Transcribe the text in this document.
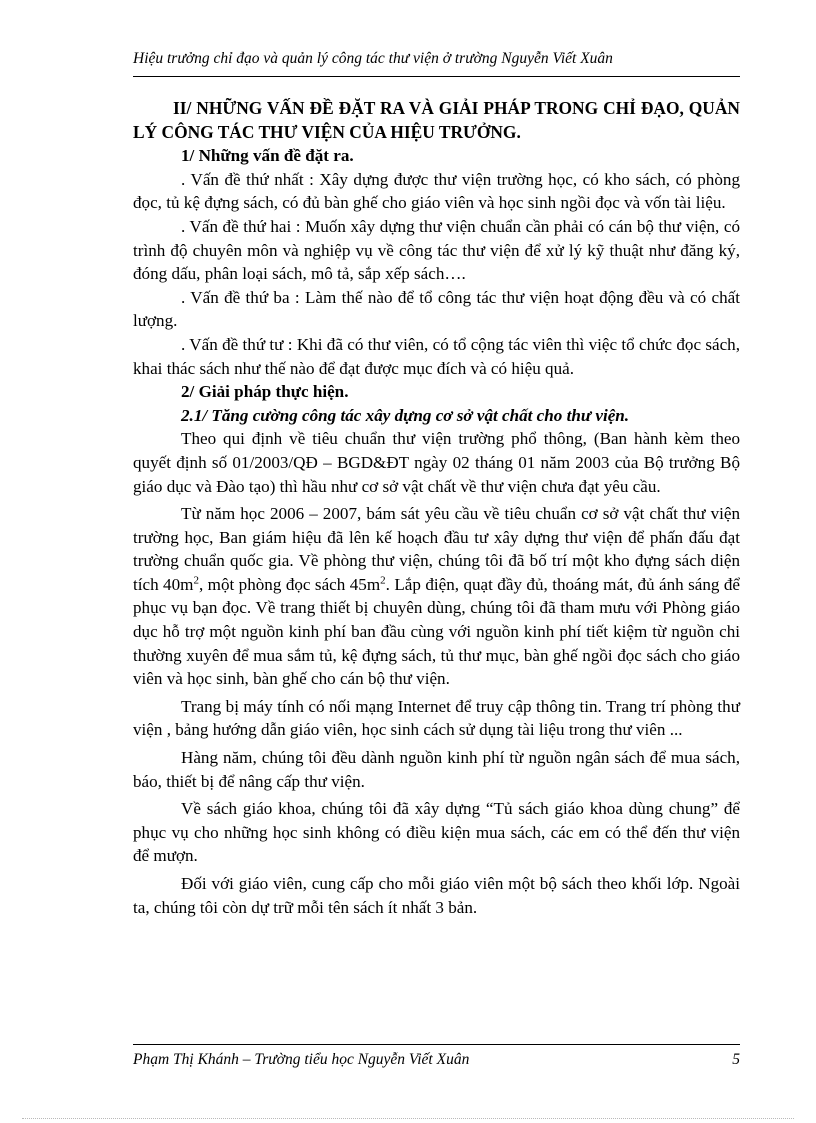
Hiệu trưởng chỉ đạo và quản lý công tác thư viện ở trường Nguyễn Viết Xuân

II/ NHỮNG VẤN ĐỀ ĐẶT RA VÀ GIẢI PHÁP TRONG CHỈ ĐẠO, QUẢN LÝ CÔNG TÁC THƯ VIỆN CỦA HIỆU TRƯỞNG.

1/ Những vấn đề đặt ra.

. Vấn đề thứ nhất : Xây dựng được thư viện trường học, có kho sách, có phòng đọc, tủ kệ đựng sách, có đủ bàn ghế cho giáo viên và học sinh ngồi đọc và vốn tài liệu.

. Vấn đề thứ hai : Muốn xây dựng thư viện chuẩn cần phải có cán bộ thư viện, có trình độ chuyên môn và nghiệp vụ về công tác thư viện để xử lý kỹ thuật như đăng ký, đóng dấu, phân loại sách, mô tả, sắp xếp sách….

. Vấn đề thứ ba : Làm thế nào để tổ công tác thư viện hoạt động đều và có chất lượng.

. Vấn đề thứ tư : Khi đã có thư viên, có tổ cộng tác viên thì việc tổ chức đọc sách, khai thác sách như thế nào để đạt được mục đích và có hiệu quả.

2/ Giải pháp thực hiện.

2.1/ Tăng cường công tác xây dựng cơ sở vật chất cho thư viện.

Theo qui định về tiêu chuẩn thư viện trường phổ thông, (Ban hành kèm theo quyết định số 01/2003/QĐ – BGD&ĐT ngày 02 tháng 01 năm 2003 của Bộ trưởng Bộ giáo dục và Đào tạo) thì hầu như cơ sở vật chất về thư viện chưa đạt yêu cầu.

Từ năm học 2006 – 2007, bám sát yêu cầu về tiêu chuẩn cơ sở vật chất thư viện trường học, Ban giám hiệu đã lên kế hoạch đầu tư xây dựng thư viện để phấn đấu đạt trường chuẩn quốc gia. Về phòng thư viện, chúng tôi đã bố trí một kho đựng sách diện tích $40m^2$, một phòng đọc sách $45m^2$. Lắp điện, quạt đầy đủ, thoáng mát, đủ ánh sáng để phục vụ bạn đọc. Về trang thiết bị chuyên dùng, chúng tôi đã tham mưu với Phòng giáo dục hỗ trợ một nguồn kinh phí ban đầu cùng với nguồn kinh phí tiết kiệm từ nguồn chi thường xuyên để mua sắm tủ, kệ đựng sách, tủ thư mục, bàn ghế ngồi đọc sách cho giáo viên và học sinh, bàn ghế cho cán bộ thư viện.

Trang bị máy tính có nối mạng Internet để truy cập thông tin. Trang trí phòng thư viện , bảng hướng dẫn giáo viên, học sinh cách sử dụng tài liệu trong thư viên ...

Hàng năm, chúng tôi đều dành nguồn kinh phí từ nguồn ngân sách để mua sách, báo, thiết bị để nâng cấp thư viện.

Về sách giáo khoa, chúng tôi đã xây dựng “Tủ sách giáo khoa dùng chung” để phục vụ cho những học sinh không có điều kiện mua sách, các em có thể đến thư viện để mượn.

Đối với giáo viên, cung cấp cho mỗi giáo viên một bộ sách theo khối lớp. Ngoài ta, chúng tôi còn dự trữ mỗi tên sách ít nhất 3 bản.

Phạm Thị Khánh – Trường tiểu học Nguyễn Viết Xuân	5
